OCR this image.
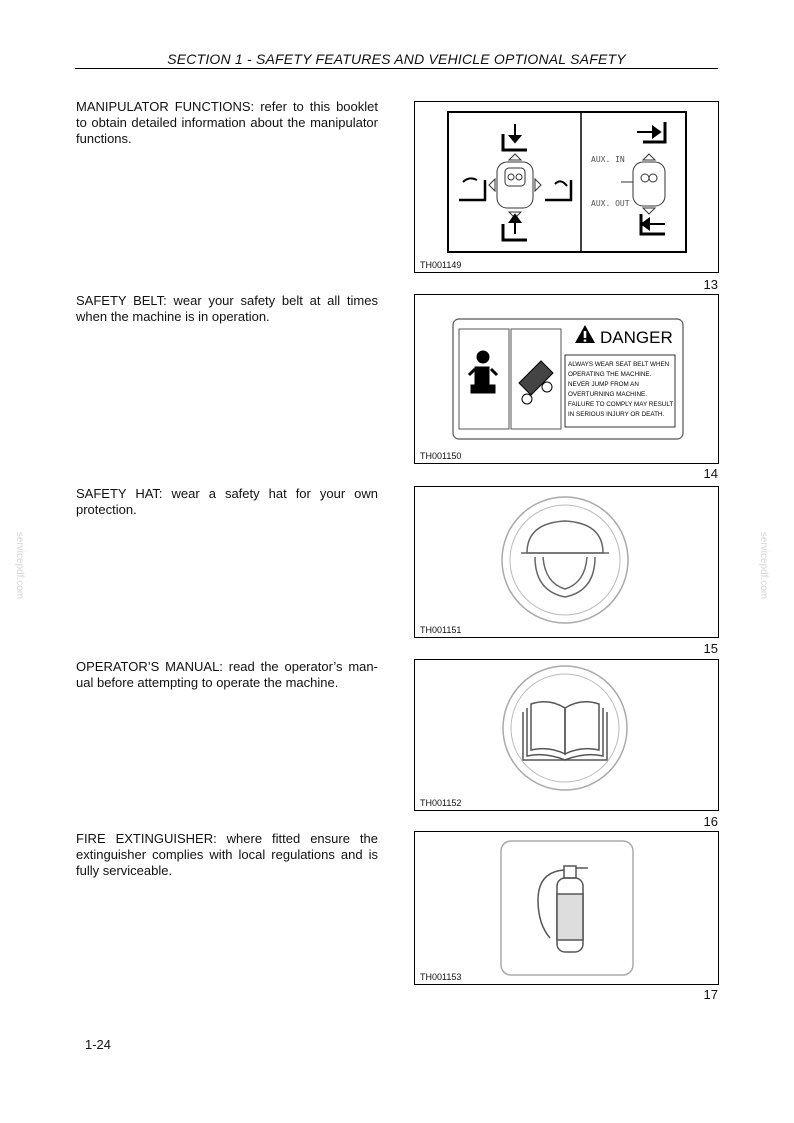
SECTION 1 - SAFETY FEATURES AND VEHICLE OPTIONAL SAFETY
servicepdf.com	servicepdf.com
MANIPULATOR FUNCTIONS: refer to this booklet to obtain detailed information about the manipulator functions.
AUX. IN
AUX. OUT
TH001149
13
SAFETY BELT: wear your safety belt at all times when the machine is in operation.
DANGER
ALWAYS WEAR SEAT BELT WHEN
OPERATING THE MACHINE.
NEVER JUMP FROM AN
OVERTURNING MACHINE.
FAILURE TO COMPLY MAY RESULT
IN SERIOUS INJURY OR DEATH.
TH001150
14
SAFETY HAT: wear a safety hat for your own protection.
TH001151
15
OPERATOR’S MANUAL: read the operator’s manual before attempting to operate the machine.
TH001152
16
FIRE EXTINGUISHER: where fitted ensure the extinguisher complies with local regulations and is fully serviceable.
TH001153
17
1-24
